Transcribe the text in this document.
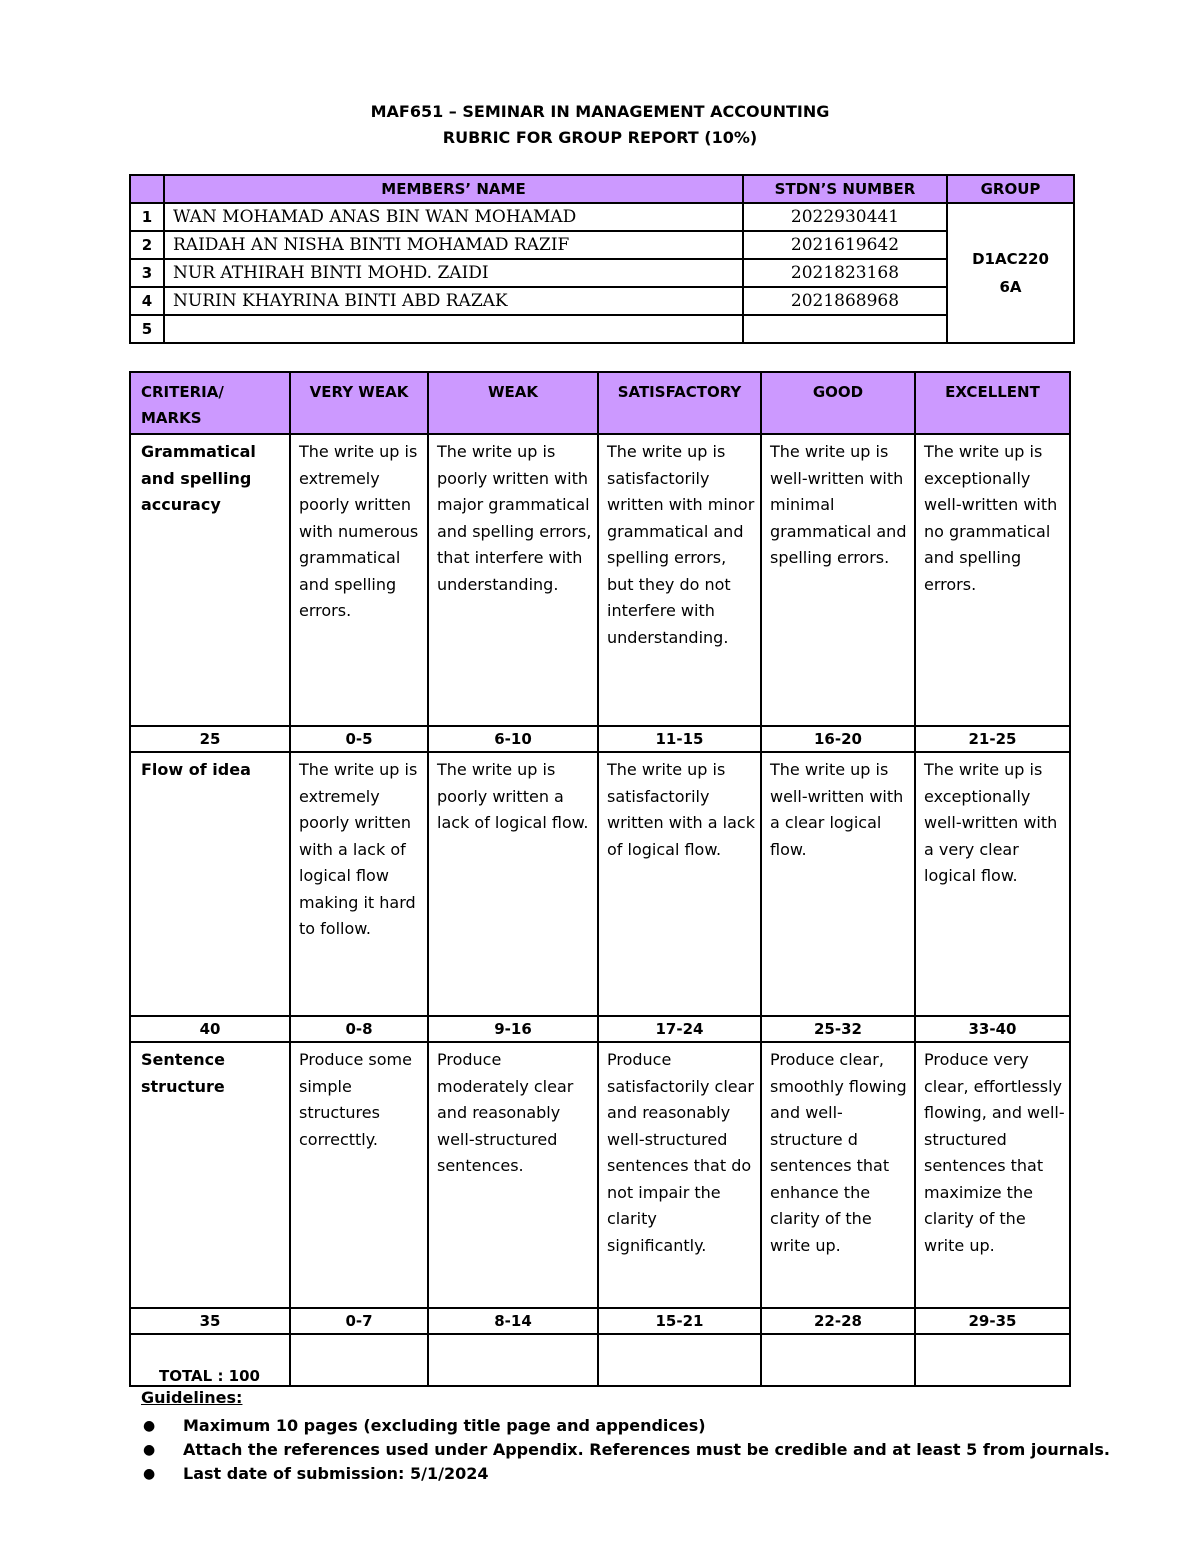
MAF651 – SEMINAR IN MANAGEMENT ACCOUNTING
RUBRIC FOR GROUP REPORT (10%)
	MEMBERS’ NAME	STDN’S NUMBER	GROUP
1	WAN MOHAMAD ANAS BIN WAN MOHAMAD	2022930441	D1AC220
6A

2	RAIDAH AN NISHA BINTI MOHAMAD RAZIF	2021619642	
3	NUR ATHIRAH BINTI MOHD. ZAIDI	2021823168	
4	NURIN KHAYRINA BINTI ABD RAZAK	2021868968	
5			
CRITERIA/ MARKS	VERY WEAK	WEAK	SATISFACTORY	GOOD	EXCELLENT
Grammatical and spelling accuracy	The write up is extremely poorly written with numerous grammatical and spelling errors.	The write up is poorly written with major grammatical and spelling errors, that interfere with understanding.	The write up is satisfactorily written with minor grammatical and spelling errors, but they do not interfere with understanding.	The write up is well-written with minimal grammatical and spelling errors.	The write up is exceptionally well-written with no grammatical and spelling errors.
25	0-5	6-10	11-15	16-20	21-25
Flow of idea	The write up is extremely poorly written with a lack of logical flow making it hard to follow.	The write up is poorly written a lack of logical flow.	The write up is satisfactorily written with a lack of logical flow.	The write up is well-written with a clear logical flow.	The write up is exceptionally well-written with a very clear logical flow.
40	0-8	9-16	17-24	25-32	33-40
Sentence structure	Produce some simple structures correcttly.	Produce moderately clear and reasonably well-structured sentences.	Produce satisfactorily clear and reasonably well-structured sentences that do not impair the clarity significantly.	Produce clear, smoothly flowing and well-structure d sentences that enhance the clarity of the write up.	Produce very clear, effortlessly flowing, and well-structured sentences that maximize the clarity of the write up.
35	0-7	8-14	15-21	22-28	29-35
TOTAL : 100					
Guidelines:
● Maximum 10 pages (excluding title page and appendices)
● Attach the references used under Appendix. References must be credible and at least 5 from journals.
● Last date of submission: 5/1/2024
